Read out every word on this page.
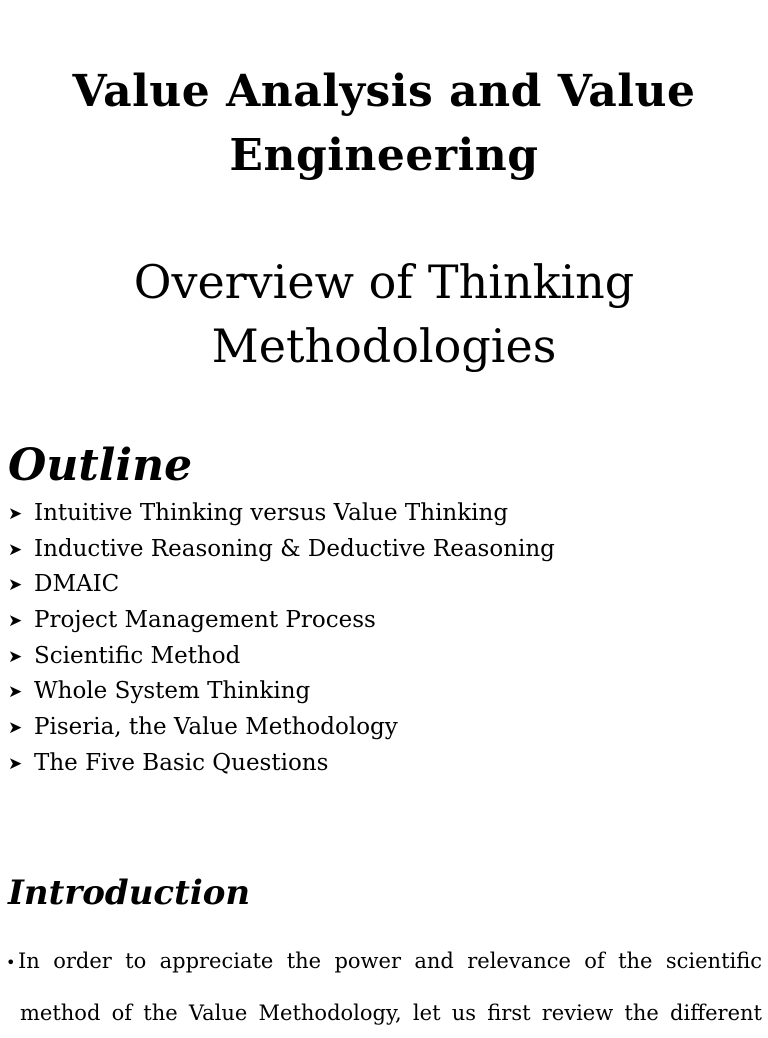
Value Analysis and Value Engineering
Overview of Thinking Methodologies
Outline
➤ Intuitive Thinking versus Value Thinking
➤ Inductive Reasoning & Deductive Reasoning
➤ DMAIC
➤ Project Management Process
➤ Scientific Method
➤ Whole System Thinking
➤ Piseria, the Value Methodology
➤ The Five Basic Questions
Introduction
• In order to appreciate the power and relevance of the scientific
method of the Value Methodology, let us first review the different
